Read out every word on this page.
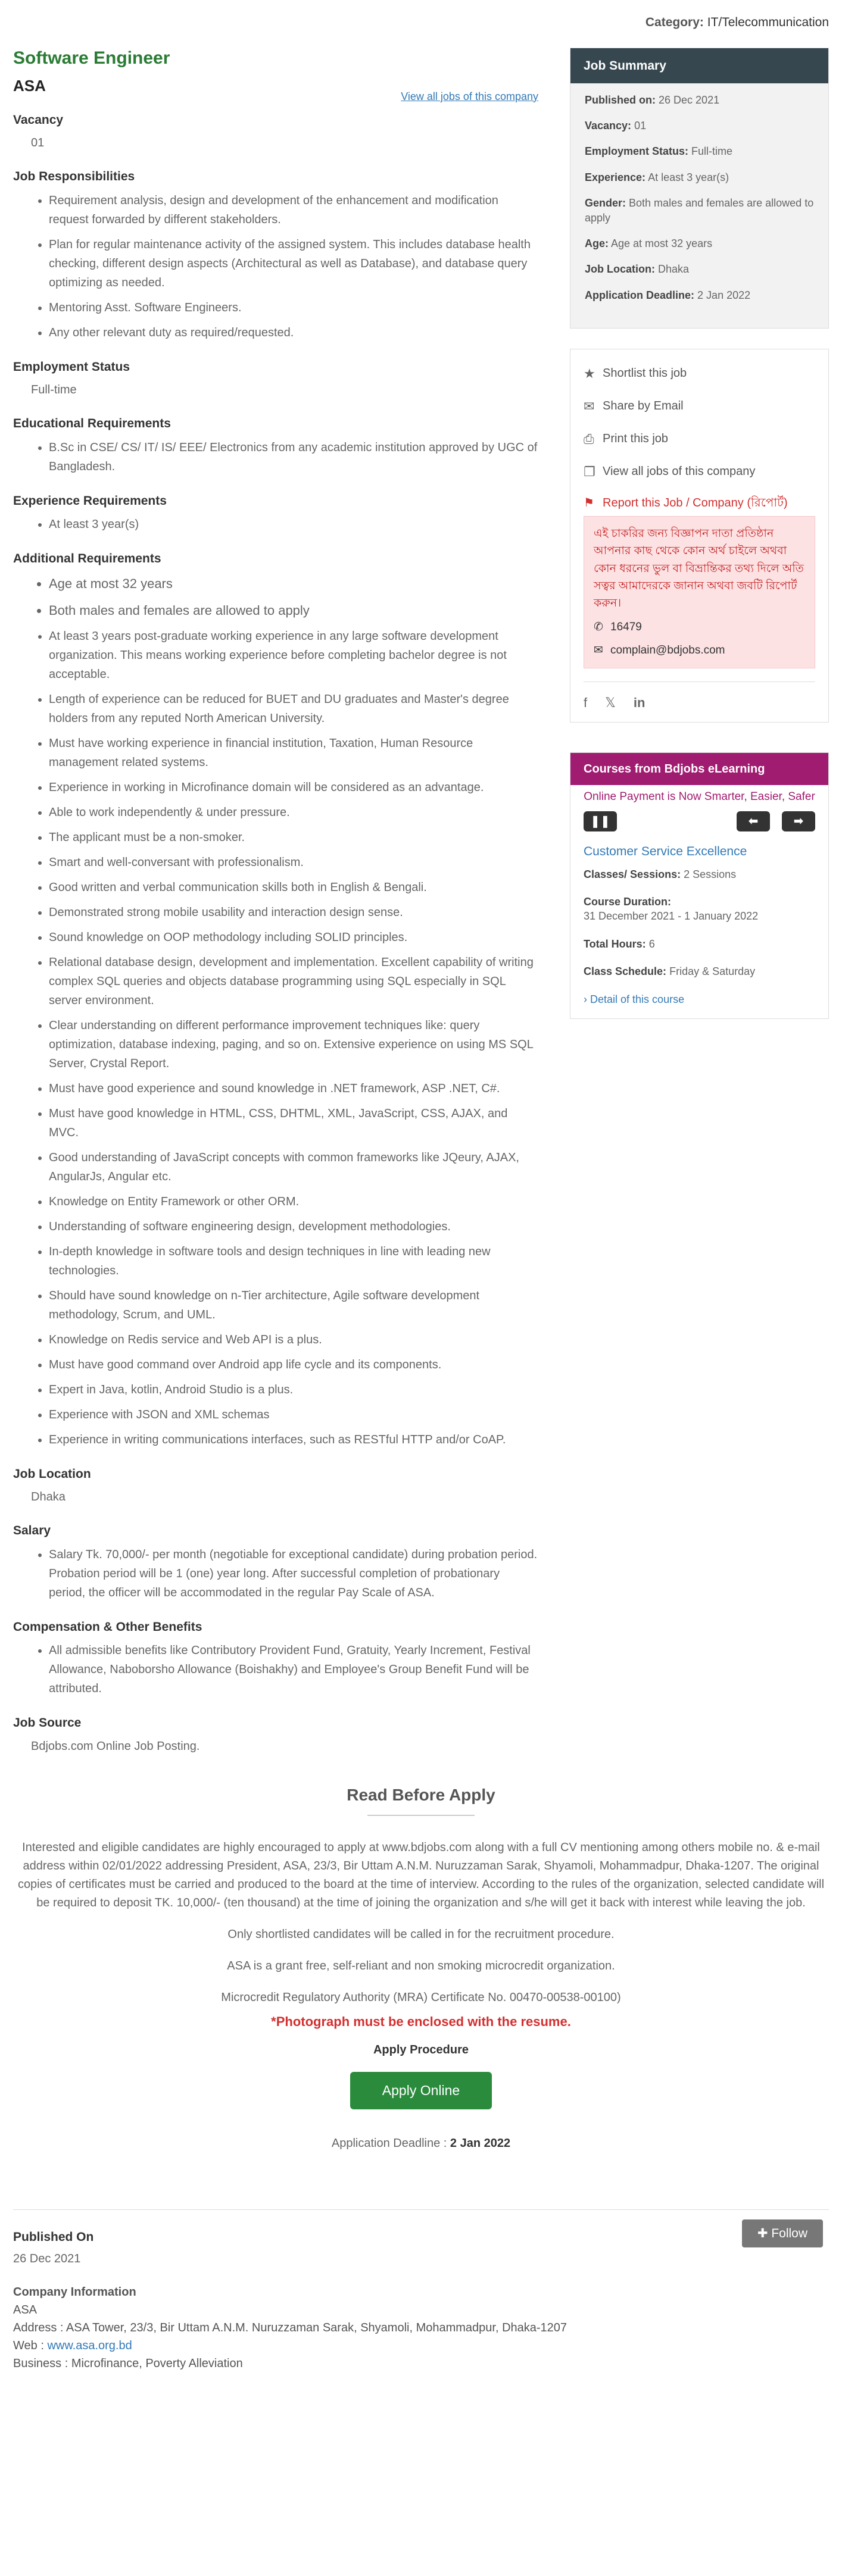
Category: IT/Telecommunication
Software Engineer
ASA
View all jobs of this company
Vacancy
01
Job Responsibilities
• Requirement analysis, design and development of the enhancement and modification request forwarded by different stakeholders.
• Plan for regular maintenance activity of the assigned system. This includes database health checking, different design aspects (Architectural as well as Database), and database query optimizing as needed.
• Mentoring Asst. Software Engineers.
• Any other relevant duty as required/requested.
Employment Status
Full-time
Educational Requirements
• B.Sc in CSE/ CS/ IT/ IS/ EEE/ Electronics from any academic institution approved by UGC of Bangladesh.
Experience Requirements
• At least 3 year(s)
Additional Requirements
• Age at most 32 years
• Both males and females are allowed to apply
• At least 3 years post-graduate working experience in any large software development organization. This means working experience before completing bachelor degree is not acceptable.
• Length of experience can be reduced for BUET and DU graduates and Master's degree holders from any reputed North American University.
• Must have working experience in financial institution, Taxation, Human Resource management related systems.
• Experience in working in Microfinance domain will be considered as an advantage.
• Able to work independently & under pressure.
• The applicant must be a non-smoker.
• Smart and well-conversant with professionalism.
• Good written and verbal communication skills both in English & Bengali.
• Demonstrated strong mobile usability and interaction design sense.
• Sound knowledge on OOP methodology including SOLID principles.
• Relational database design, development and implementation. Excellent capability of writing complex SQL queries and objects database programming using SQL especially in SQL server environment.
• Clear understanding on different performance improvement techniques like: query optimization, database indexing, paging, and so on. Extensive experience on using MS SQL Server, Crystal Report.
• Must have good experience and sound knowledge in .NET framework, ASP .NET, C#.
• Must have good knowledge in HTML, CSS, DHTML, XML, JavaScript, CSS, AJAX, and MVC.
• Good understanding of JavaScript concepts with common frameworks like JQeury, AJAX, AngularJs, Angular etc.
• Knowledge on Entity Framework or other ORM.
• Understanding of software engineering design, development methodologies.
• In-depth knowledge in software tools and design techniques in line with leading new technologies.
• Should have sound knowledge on n-Tier architecture, Agile software development methodology, Scrum, and UML.
• Knowledge on Redis service and Web API is a plus.
• Must have good command over Android app life cycle and its components.
• Expert in Java, kotlin, Android Studio is a plus.
• Experience with JSON and XML schemas
• Experience in writing communications interfaces, such as RESTful HTTP and/or CoAP.
Job Location
Dhaka
Salary
• Salary Tk. 70,000/- per month (negotiable for exceptional candidate) during probation period. Probation period will be 1 (one) year long. After successful completion of probationary period, the officer will be accommodated in the regular Pay Scale of ASA.
Compensation & Other Benefits
• All admissible benefits like Contributory Provident Fund, Gratuity, Yearly Increment, Festival Allowance, Naboborsho Allowance (Boishakhy) and Employee's Group Benefit Fund will be attributed.
Job Source
Bdjobs.com Online Job Posting.
Job Summary

Published on: 26 Dec 2021

Vacancy: 01

Employment Status: Full-time

Experience: At least 3 year(s)

Gender: Both males and females are allowed to apply

Age: Age at most 32 years

Job Location: Dhaka

Application Deadline: 2 Jan 2022

★ Shortlist this job
✉ Share by Email
⎙ Print this job
❐ View all jobs of this company
⚑ Report this Job / Company (রিপোর্ট)
এই চাকরির জন্য বিজ্ঞাপন দাতা প্রতিষ্ঠান আপনার কাছ থেকে কোন অর্থ চাইলে অথবা কোন ধরনের ভুল বা বিভ্রান্তিকর তথ্য দিলে অতি সত্বর আমাদেরকে জানান অথবা জবটি রিপোর্ট করুন।
✆ 16479
✉ complain@bdjobs.com
f 𝕏 in
Courses from Bdjobs eLearning
Online Payment is Now Smarter, Easier, Safer
❚❚	⬅	➡
Customer Service Excellence

Classes/ Sessions: 2 Sessions

Course Duration:
31 December 2021 - 1 January 2022

Total Hours: 6

Class Schedule: Friday & Saturday

› Detail of this course
Read Before Apply

Interested and eligible candidates are highly encouraged to apply at www.bdjobs.com along with a full CV mentioning among others mobile no. & e-mail address within 02/01/2022 addressing President, ASA, 23/3, Bir Uttam A.N.M. Nuruzzaman Sarak, Shyamoli, Mohammadpur, Dhaka-1207. The original copies of certificates must be carried and produced to the board at the time of interview. According to the rules of the organization, selected candidate will be required to deposit TK. 10,000/- (ten thousand) at the time of joining the organization and s/he will get it back with interest while leaving the job.

Only shortlisted candidates will be called in for the recruitment procedure.

ASA is a grant free, self-reliant and non smoking microcredit organization.

Microcredit Regulatory Authority (MRA) Certificate No. 00470-00538-00100)

*Photograph must be enclosed with the resume.
Apply Procedure
Apply Online
Application Deadline : 2 Jan 2022
Published On
26 Dec 2021
✚ Follow
Company Information
ASA
Address : ASA Tower, 23/3, Bir Uttam A.N.M. Nuruzzaman Sarak, Shyamoli, Mohammadpur, Dhaka-1207
Web : www.asa.org.bd
Business : Microfinance, Poverty Alleviation
